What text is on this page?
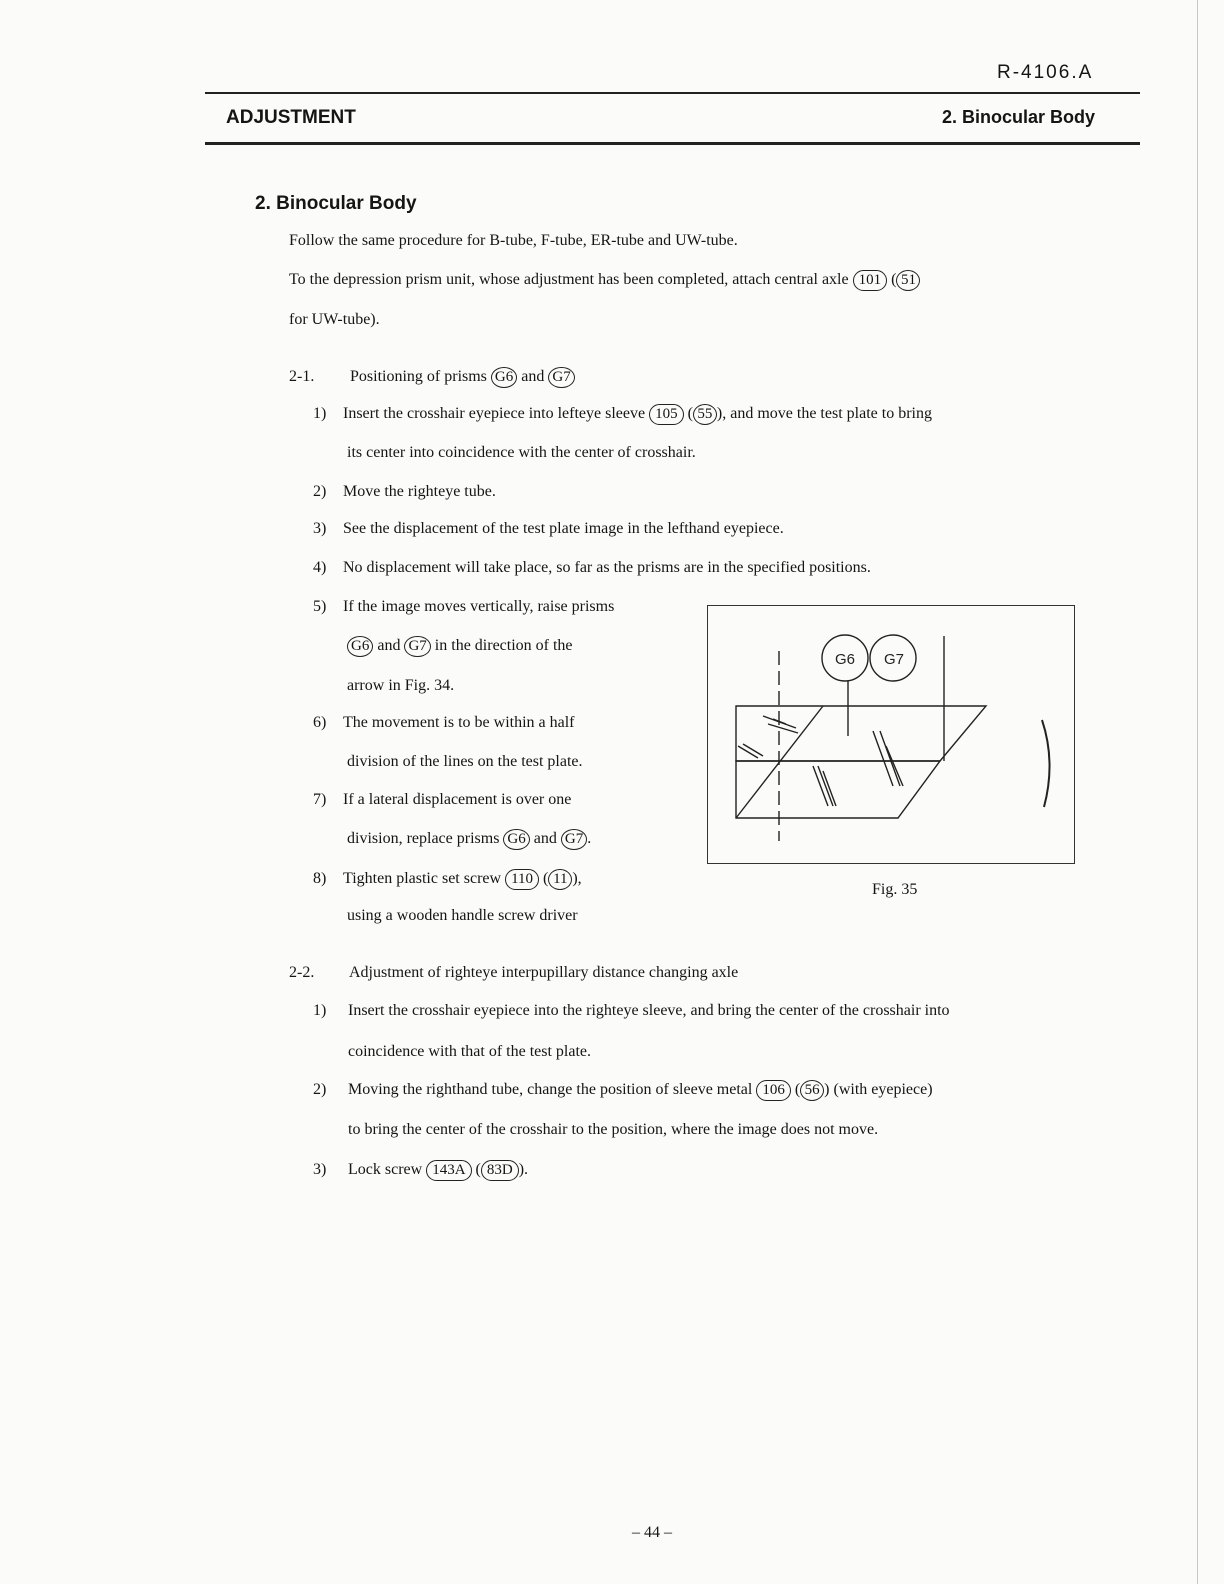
R-4106.A
ADJUSTMENT	2. Binocular Body
2. Binocular Body
Follow the same procedure for B-tube, F-tube, ER-tube and UW-tube.
To the depression prism unit, whose adjustment has been completed, attach central axle 101 ( 51
for UW-tube).
2-1. Positioning of prisms G6 and G7
1) Insert the crosshair eyepiece into lefteye sleeve 105 ( 55 ), and move the test plate to bring
its center into coincidence with the center of crosshair.
2) Move the righteye tube.
3) See the displacement of the test plate image in the lefthand eyepiece.
4) No displacement will take place, so far as the prisms are in the specified positions.
5) If the image moves vertically, raise prisms
G6 and G7 in the direction of the
arrow in Fig. 34.
6) The movement is to be within a half
division of the lines on the test plate.
7) If a lateral displacement is over one
division, replace prisms G6 and G7 .
8) Tighten plastic set screw 110 ( 11 ),
using a wooden handle screw driver
G6 G7
Fig. 35
2-2. Adjustment of righteye interpupillary distance changing axle
1) Insert the crosshair eyepiece into the righteye sleeve, and bring the center of the crosshair into
coincidence with that of the test plate.
2) Moving the righthand tube, change the position of sleeve metal 106 ( 56 ) (with eyepiece)
to bring the center of the crosshair to the position, where the image does not move.
3) Lock screw 143A ( 83D ).
– 44 –
